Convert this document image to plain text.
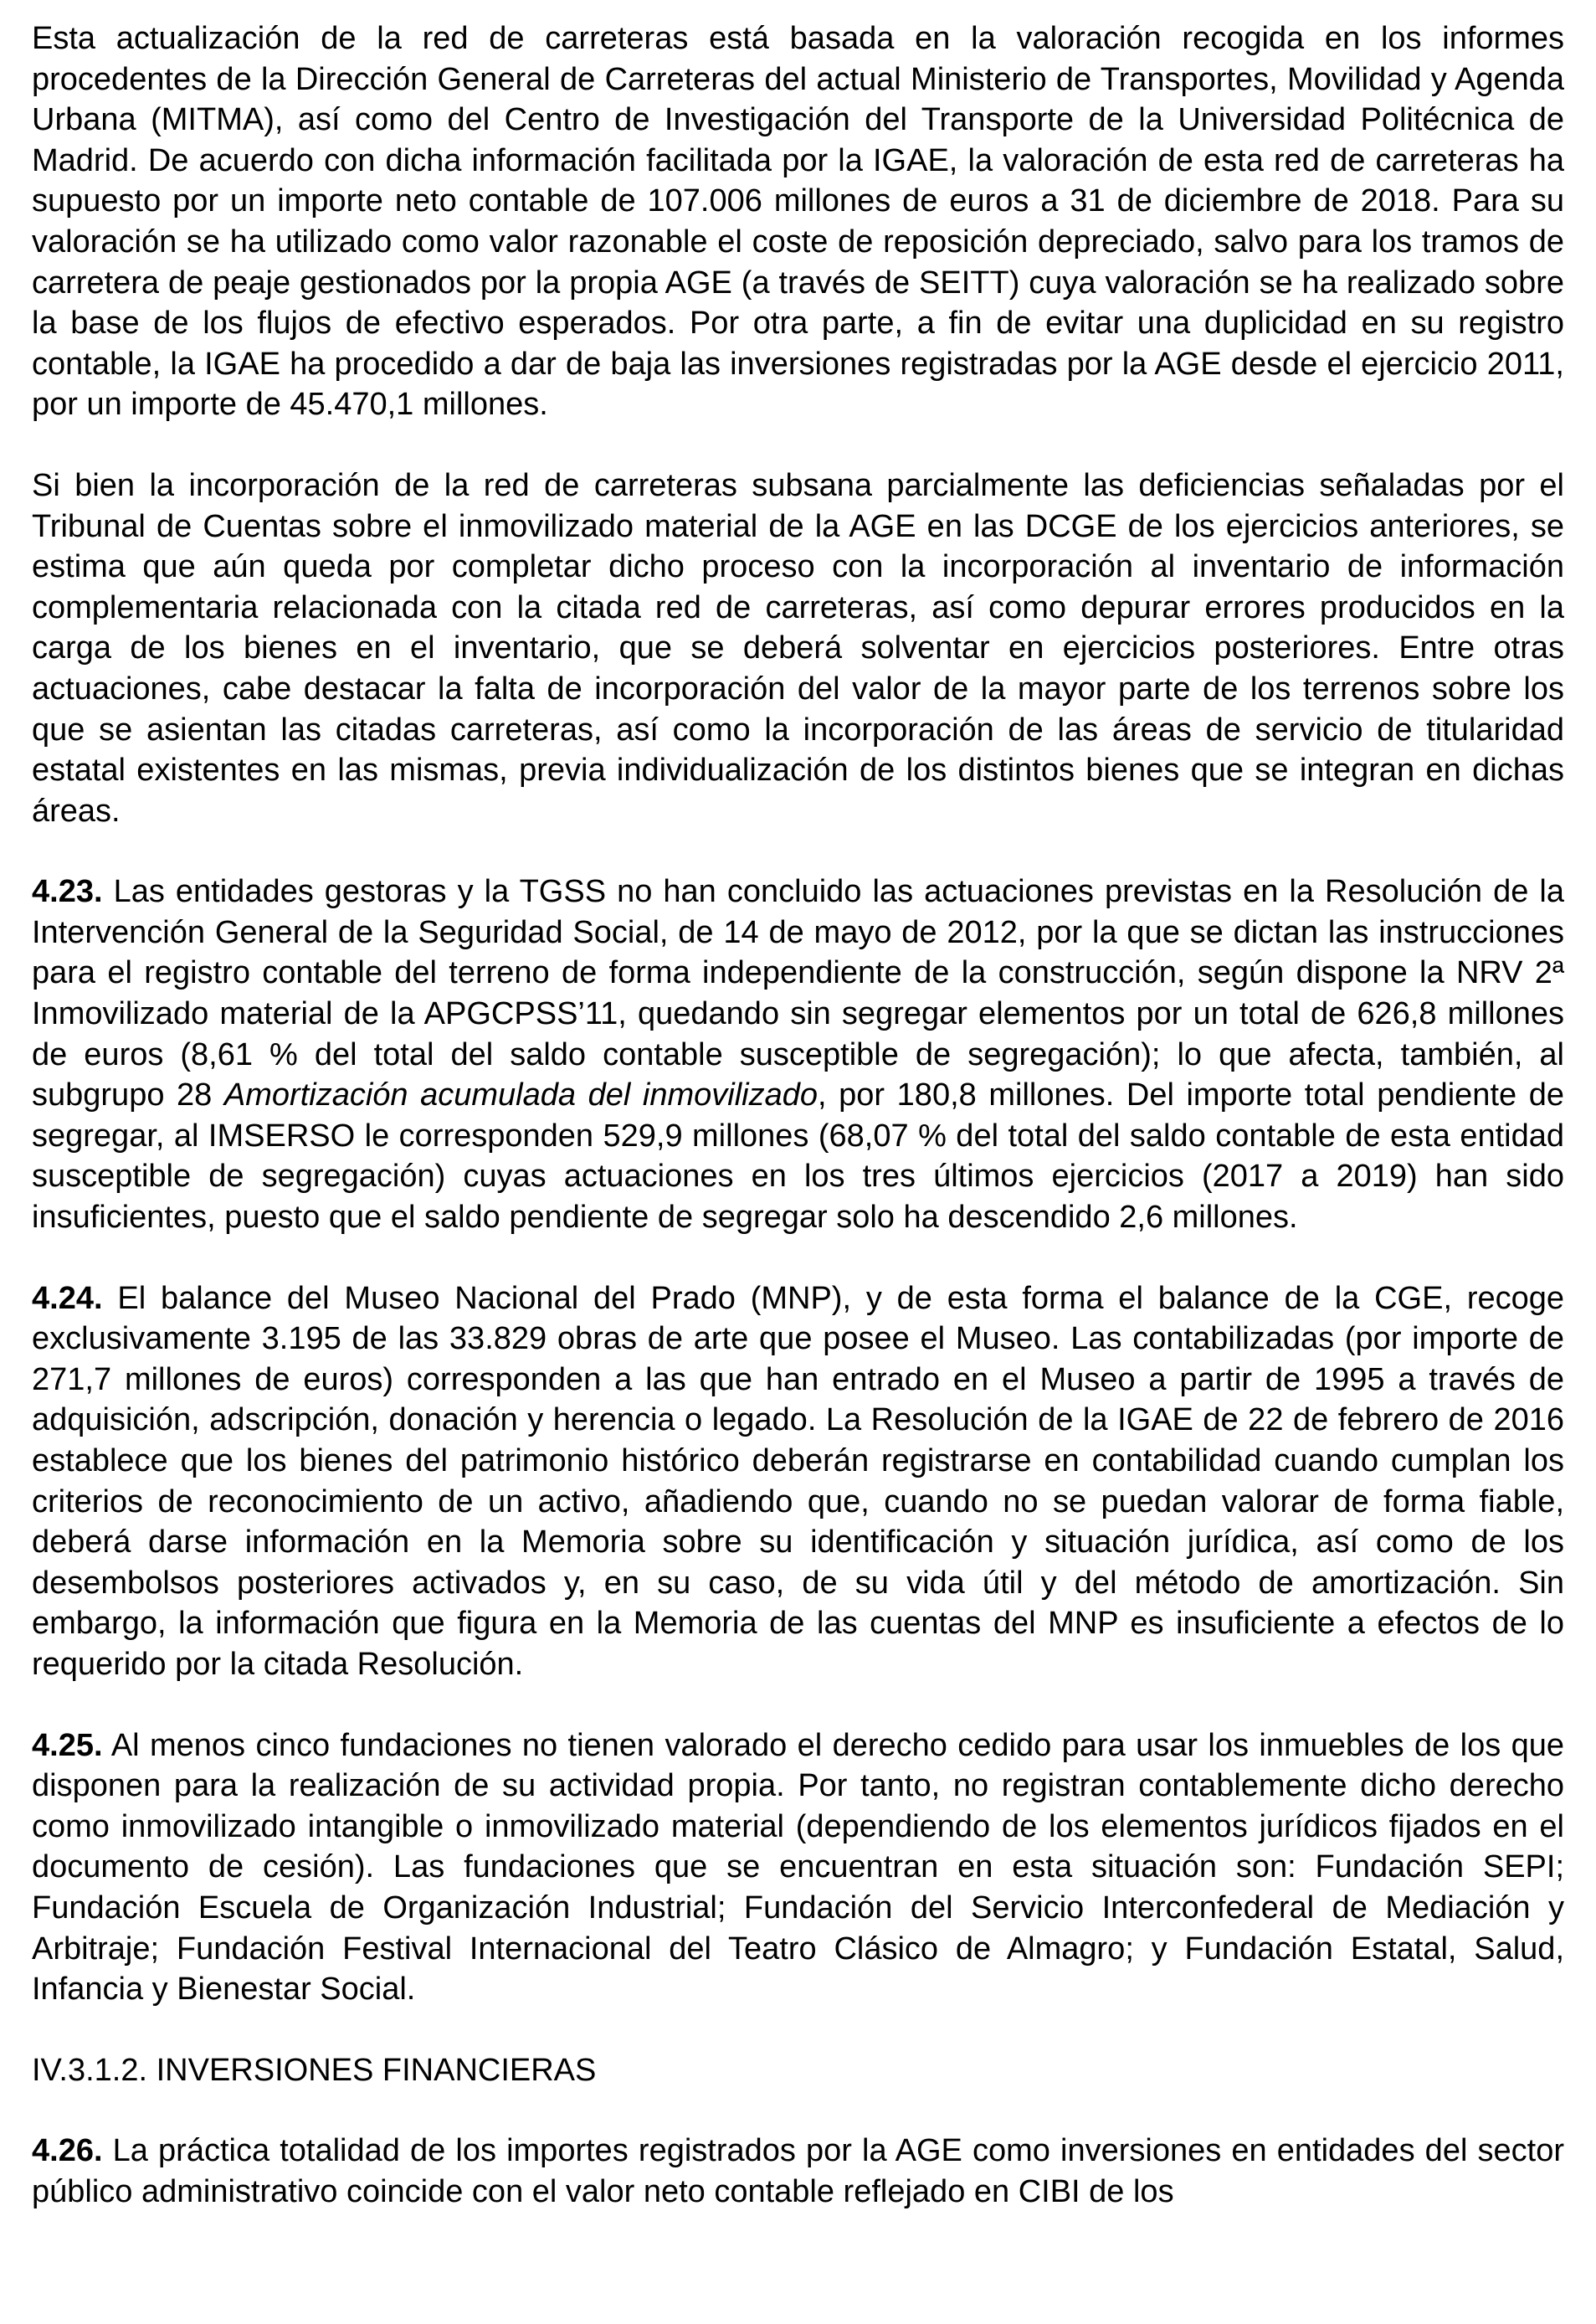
Esta actualización de la red de carreteras está basada en la valoración recogida en los informes procedentes de la Dirección General de Carreteras del actual Ministerio de Transportes, Movilidad y Agenda Urbana (MITMA), así como del Centro de Investigación del Transporte de la Universidad Politécnica de Madrid. De acuerdo con dicha información facilitada por la IGAE, la valoración de esta red de carreteras ha supuesto por un importe neto contable de 107.006 millones de euros a 31 de diciembre de 2018. Para su valoración se ha utilizado como valor razonable el coste de reposición depreciado, salvo para los tramos de carretera de peaje gestionados por la propia AGE (a través de SEITT) cuya valoración se ha realizado sobre la base de los flujos de efectivo esperados. Por otra parte, a fin de evitar una duplicidad en su registro contable, la IGAE ha procedido a dar de baja las inversiones registradas por la AGE desde el ejercicio 2011, por un importe de 45.470,1 millones.

Si bien la incorporación de la red de carreteras subsana parcialmente las deficiencias señaladas por el Tribunal de Cuentas sobre el inmovilizado material de la AGE en las DCGE de los ejercicios anteriores, se estima que aún queda por completar dicho proceso con la incorporación al inventario de información complementaria relacionada con la citada red de carreteras, así como depurar errores producidos en la carga de los bienes en el inventario, que se deberá solventar en ejercicios posteriores. Entre otras actuaciones, cabe destacar la falta de incorporación del valor de la mayor parte de los terrenos sobre los que se asientan las citadas carreteras, así como la incorporación de las áreas de servicio de titularidad estatal existentes en las mismas, previa individualización de los distintos bienes que se integran en dichas áreas.

4.23. Las entidades gestoras y la TGSS no han concluido las actuaciones previstas en la Resolución de la Intervención General de la Seguridad Social, de 14 de mayo de 2012, por la que se dictan las instrucciones para el registro contable del terreno de forma independiente de la construcción, según dispone la NRV 2ª Inmovilizado material de la APGCPSS’11, quedando sin segregar elementos por un total de 626,8 millones de euros (8,61 % del total del saldo contable susceptible de segregación); lo que afecta, también, al subgrupo 28 Amortización acumulada del inmovilizado, por 180,8 millones. Del importe total pendiente de segregar, al IMSERSO le corresponden 529,9 millones (68,07 % del total del saldo contable de esta entidad susceptible de segregación) cuyas actuaciones en los tres últimos ejercicios (2017 a 2019) han sido insuficientes, puesto que el saldo pendiente de segregar solo ha descendido 2,6 millones.

4.24. El balance del Museo Nacional del Prado (MNP), y de esta forma el balance de la CGE, recoge exclusivamente 3.195 de las 33.829 obras de arte que posee el Museo. Las contabilizadas (por importe de 271,7 millones de euros) corresponden a las que han entrado en el Museo a partir de 1995 a través de adquisición, adscripción, donación y herencia o legado. La Resolución de la IGAE de 22 de febrero de 2016 establece que los bienes del patrimonio histórico deberán registrarse en contabilidad cuando cumplan los criterios de reconocimiento de un activo, añadiendo que, cuando no se puedan valorar de forma fiable, deberá darse información en la Memoria sobre su identificación y situación jurídica, así como de los desembolsos posteriores activados y, en su caso, de su vida útil y del método de amortización. Sin embargo, la información que figura en la Memoria de las cuentas del MNP es insuficiente a efectos de lo requerido por la citada Resolución.

4.25. Al menos cinco fundaciones no tienen valorado el derecho cedido para usar los inmuebles de los que disponen para la realización de su actividad propia. Por tanto, no registran contablemente dicho derecho como inmovilizado intangible o inmovilizado material (dependiendo de los elementos jurídicos fijados en el documento de cesión). Las fundaciones que se encuentran en esta situación son: Fundación SEPI; Fundación Escuela de Organización Industrial; Fundación del Servicio Interconfederal de Mediación y Arbitraje; Fundación Festival Internacional del Teatro Clásico de Almagro; y Fundación Estatal, Salud, Infancia y Bienestar Social.

IV.3.1.2. INVERSIONES FINANCIERAS

4.26. La práctica totalidad de los importes registrados por la AGE como inversiones en entidades del sector público administrativo coincide con el valor neto contable reflejado en CIBI de los
